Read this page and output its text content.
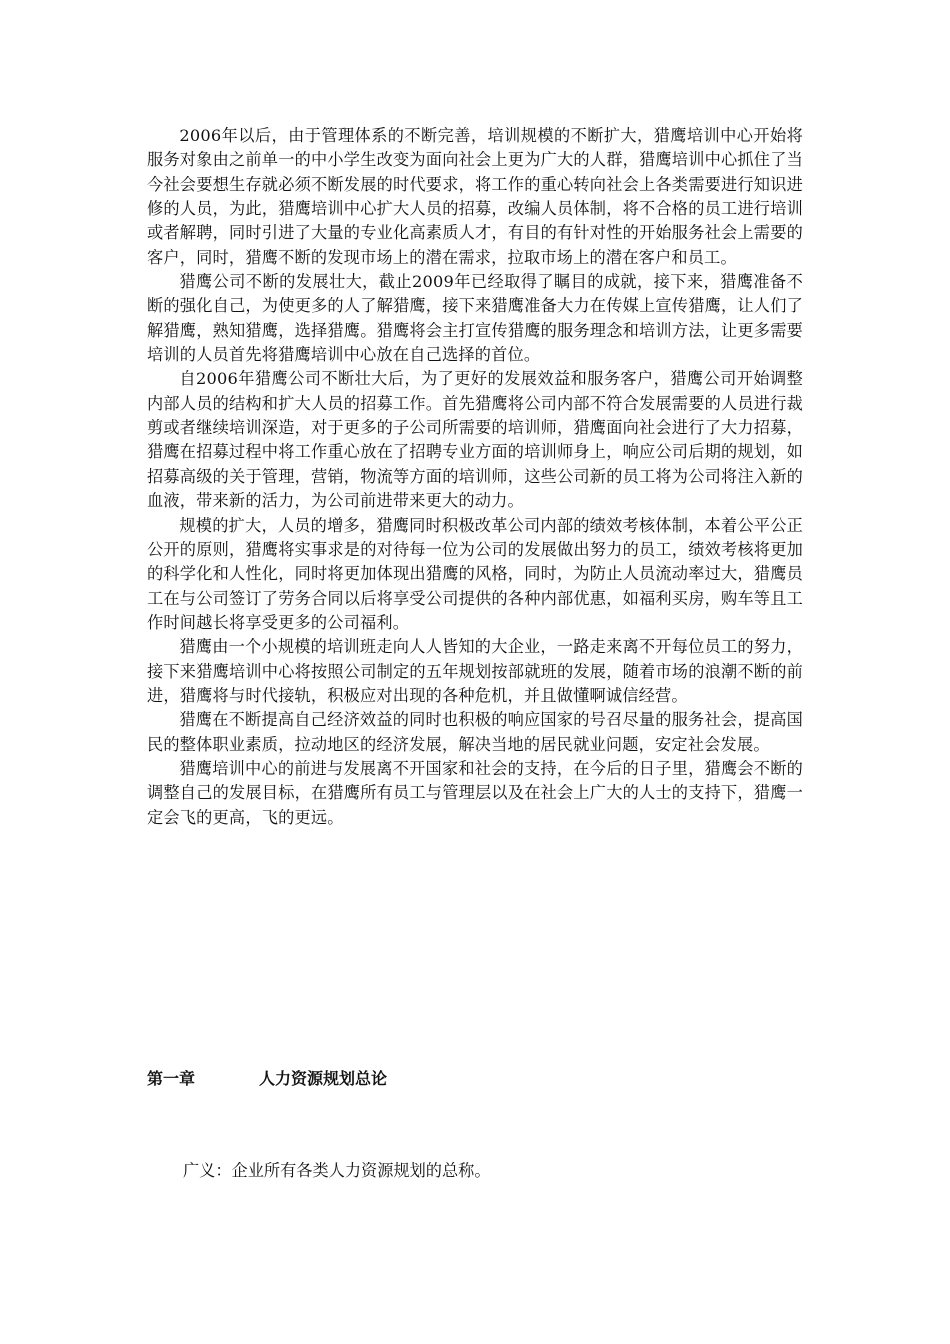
2006年以后，由于管理体系的不断完善，培训规模的不断扩大，猎鹰培训中心开始将服务对象由之前单一的中小学生改变为面向社会上更为广大的人群，猎鹰培训中心抓住了当今社会要想生存就必须不断发展的时代要求，将工作的重心转向社会上各类需要进行知识进修的人员，为此，猎鹰培训中心扩大人员的招募，改编人员体制，将不合格的员工进行培训或者解聘，同时引进了大量的专业化高素质人才，有目的有针对性的开始服务社会上需要的客户，同时，猎鹰不断的发现市场上的潜在需求，拉取市场上的潜在客户和员工。

猎鹰公司不断的发展壮大，截止2009年已经取得了瞩目的成就，接下来，猎鹰准备不断的强化自己，为使更多的人了解猎鹰，接下来猎鹰准备大力在传媒上宣传猎鹰，让人们了解猎鹰，熟知猎鹰，选择猎鹰。猎鹰将会主打宣传猎鹰的服务理念和培训方法，让更多需要培训的人员首先将猎鹰培训中心放在自己选择的首位。

自2006年猎鹰公司不断壮大后，为了更好的发展效益和服务客户，猎鹰公司开始调整内部人员的结构和扩大人员的招募工作。首先猎鹰将公司内部不符合发展需要的人员进行裁剪或者继续培训深造，对于更多的子公司所需要的培训师，猎鹰面向社会进行了大力招募，猎鹰在招募过程中将工作重心放在了招聘专业方面的培训师身上，响应公司后期的规划，如招募高级的关于管理，营销，物流等方面的培训师，这些公司新的员工将为公司将注入新的血液，带来新的活力，为公司前进带来更大的动力。

规模的扩大，人员的增多，猎鹰同时积极改革公司内部的绩效考核体制，本着公平公正公开的原则，猎鹰将实事求是的对待每一位为公司的发展做出努力的员工，绩效考核将更加的科学化和人性化，同时将更加体现出猎鹰的风格，同时，为防止人员流动率过大，猎鹰员工在与公司签订了劳务合同以后将享受公司提供的各种内部优惠，如福利买房，购车等且工作时间越长将享受更多的公司福利。

猎鹰由一个小规模的培训班走向人人皆知的大企业，一路走来离不开每位员工的努力，接下来猎鹰培训中心将按照公司制定的五年规划按部就班的发展，随着市场的浪潮不断的前进，猎鹰将与时代接轨，积极应对出现的各种危机，并且做懂啊诚信经营。

猎鹰在不断提高自己经济效益的同时也积极的响应国家的号召尽量的服务社会，提高国民的整体职业素质，拉动地区的经济发展，解决当地的居民就业问题，安定社会发展。

猎鹰培训中心的前进与发展离不开国家和社会的支持，在今后的日子里，猎鹰会不断的调整自己的发展目标，在猎鹰所有员工与管理层以及在社会上广大的人士的支持下，猎鹰一定会飞的更高，飞的更远。

第一章	人力资源规划总论

广义：企业所有各类人力资源规划的总称。
